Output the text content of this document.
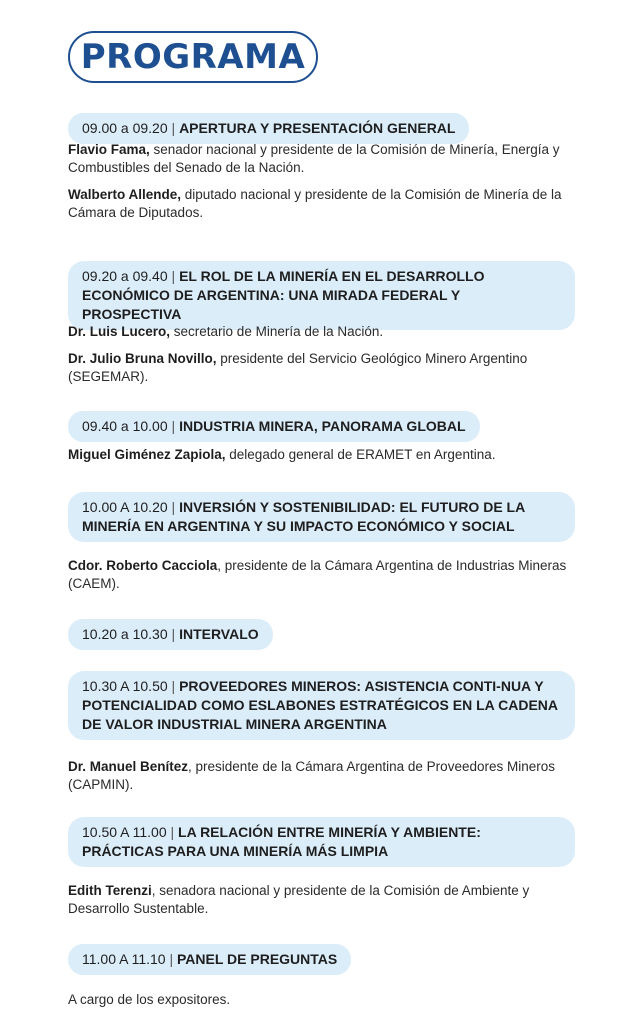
PROGRAMA
09.00 a 09.20 | APERTURA Y PRESENTACIÓN GENERAL

Flavio Fama, senador nacional y presidente de la Comisión de Minería, Energía y Combustibles del Senado de la Nación.

Walberto Allende, diputado nacional y presidente de la Comisión de Minería de la Cámara de Diputados.

09.20 a 09.40 | EL ROL DE LA MINERÍA EN EL DESARROLLO ECONÓMICO DE ARGENTINA: UNA MIRADA FEDERAL Y PROSPECTIVA

Dr. Luis Lucero, secretario de Minería de la Nación.

Dr. Julio Bruna Novillo, presidente del Servicio Geológico Minero Argentino (SEGEMAR).

09.40 a 10.00 | INDUSTRIA MINERA, PANORAMA GLOBAL

Miguel Giménez Zapiola, delegado general de ERAMET en Argentina.

10.00 A 10.20 | INVERSIÓN Y SOSTENIBILIDAD: EL FUTURO DE LA MINERÍA EN ARGENTINA Y SU IMPACTO ECONÓMICO Y SOCIAL

Cdor. Roberto Cacciola, presidente de la Cámara Argentina de Industrias Mineras (CAEM).

10.20 a 10.30 | INTERVALO
10.30 A 10.50 | PROVEEDORES MINEROS: ASISTENCIA CONTI-NUA Y POTENCIALIDAD COMO ESLABONES ESTRATÉGICOS EN LA CADENA DE VALOR INDUSTRIAL MINERA ARGENTINA

Dr. Manuel Benítez, presidente de la Cámara Argentina de Proveedores Mineros (CAPMIN).

10.50 A 11.00 | LA RELACIÓN ENTRE MINERÍA Y AMBIENTE: PRÁCTICAS PARA UNA MINERÍA MÁS LIMPIA

Edith Terenzi, senadora nacional y presidente de la Comisión de Ambiente y Desarrollo Sustentable.

11.00 A 11.10 | PANEL DE PREGUNTAS

A cargo de los expositores.
